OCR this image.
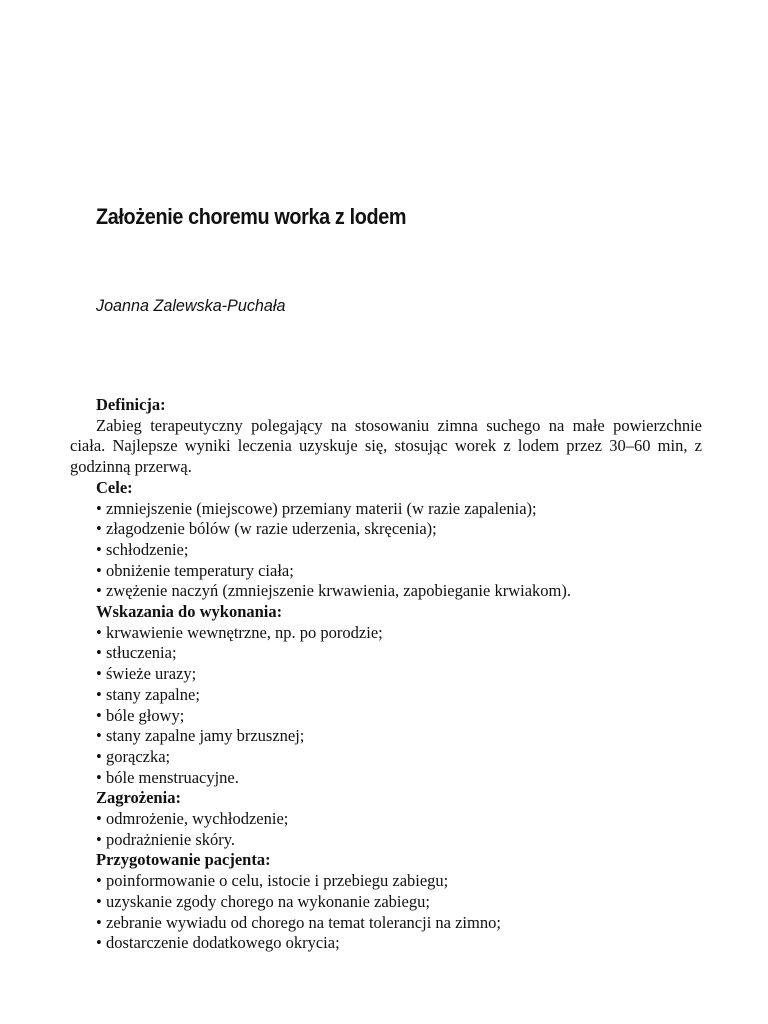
Założenie choremu worka z lodem

Joanna Zalewska-Puchała

Definicja:

Zabieg terapeutyczny polegający na stosowaniu zimna suchego na małe powierzchnie ciała. Najlepsze wyniki leczenia uzyskuje się, stosując worek z lodem przez 30–60 min, z godzinną przerwą.

Cele:

• zmniejszenie (miejscowe) przemiany materii (w razie zapalenia);

• złagodzenie bólów (w razie uderzenia, skręcenia);

• schłodzenie;

• obniżenie temperatury ciała;

• zwężenie naczyń (zmniejszenie krwawienia, zapobieganie krwiakom).

Wskazania do wykonania:

• krwawienie wewnętrzne, np. po porodzie;

• stłuczenia;

• świeże urazy;

• stany zapalne;

• bóle głowy;

• stany zapalne jamy brzusznej;

• gorączka;

• bóle menstruacyjne.

Zagrożenia:

• odmrożenie, wychłodzenie;

• podrażnienie skóry.

Przygotowanie pacjenta:

• poinformowanie o celu, istocie i przebiegu zabiegu;

• uzyskanie zgody chorego na wykonanie zabiegu;

• zebranie wywiadu od chorego na temat tolerancji na zimno;

• dostarczenie dodatkowego okrycia;
